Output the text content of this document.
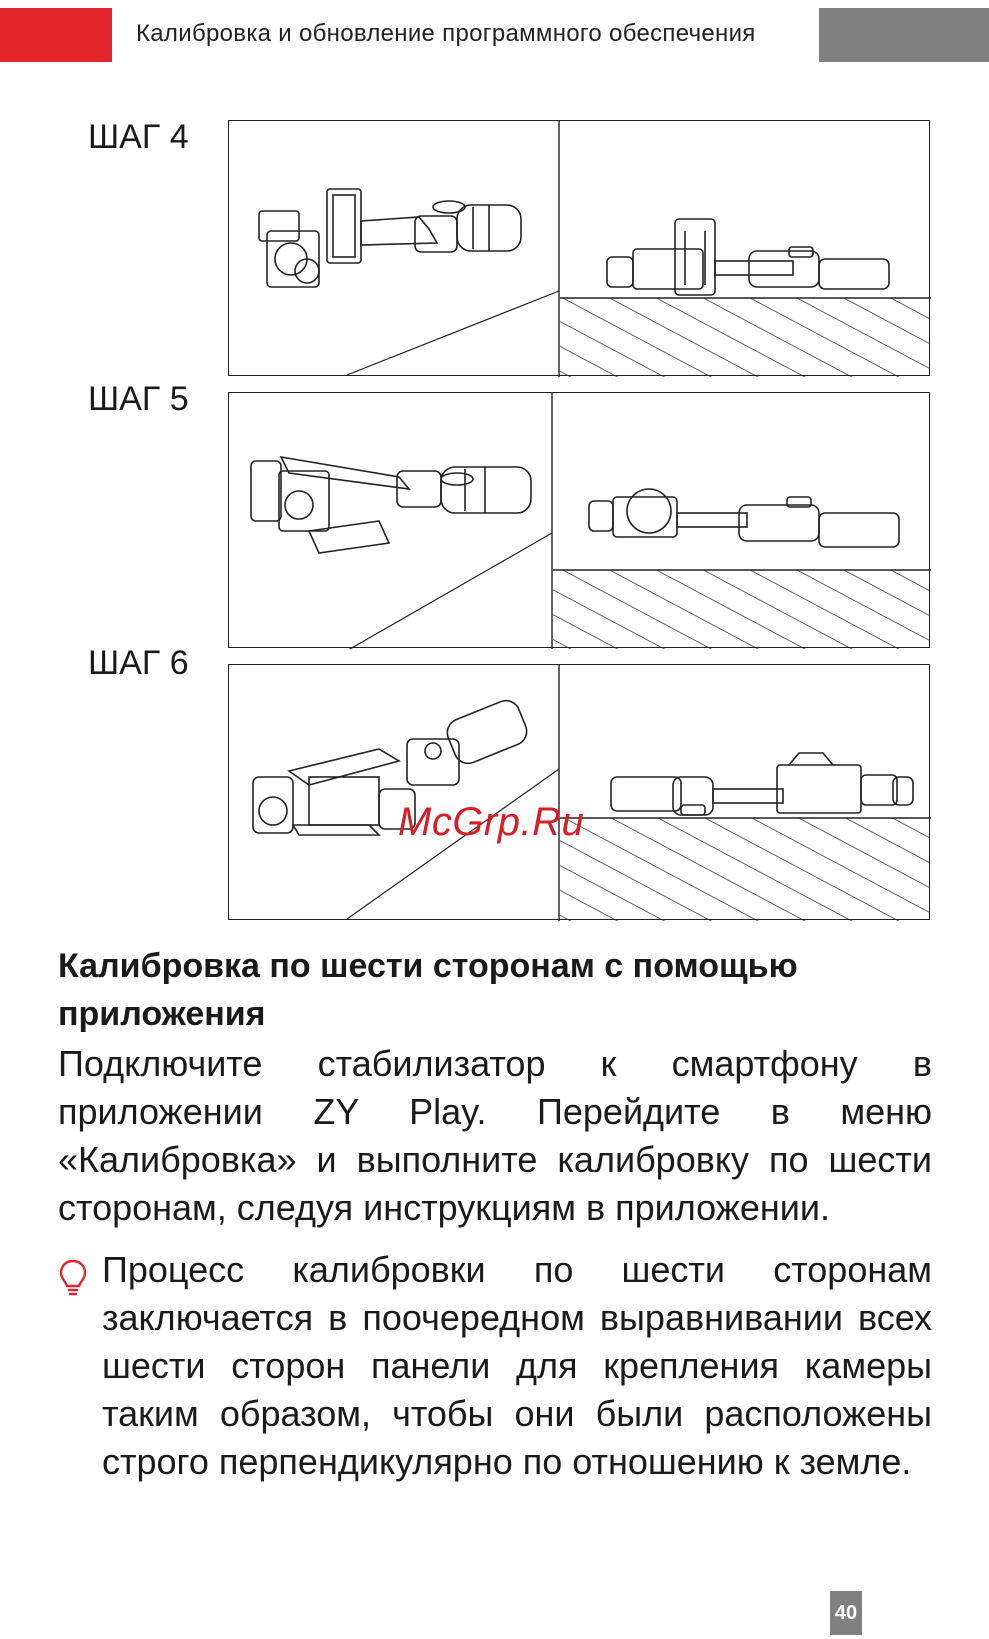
Калибровка и обновление программного обеспечения
ШАГ 4
ШАГ 5
ШАГ 6
McGrp.Ru
Калибровка по шести сторонам с помощью приложения
Подключите стабилизатор к смартфону в приложении ZY Play. Перейдите в меню «Калибровка» и выполните калибровку по шести сторонам, следуя инструкциям в приложении.
Процесс калибровки по шести сторонам заключается в поочередном выравнивании всех шести сторон панели для крепления камеры таким образом, чтобы они были расположены строго перпендикулярно по отношению к земле.
40
